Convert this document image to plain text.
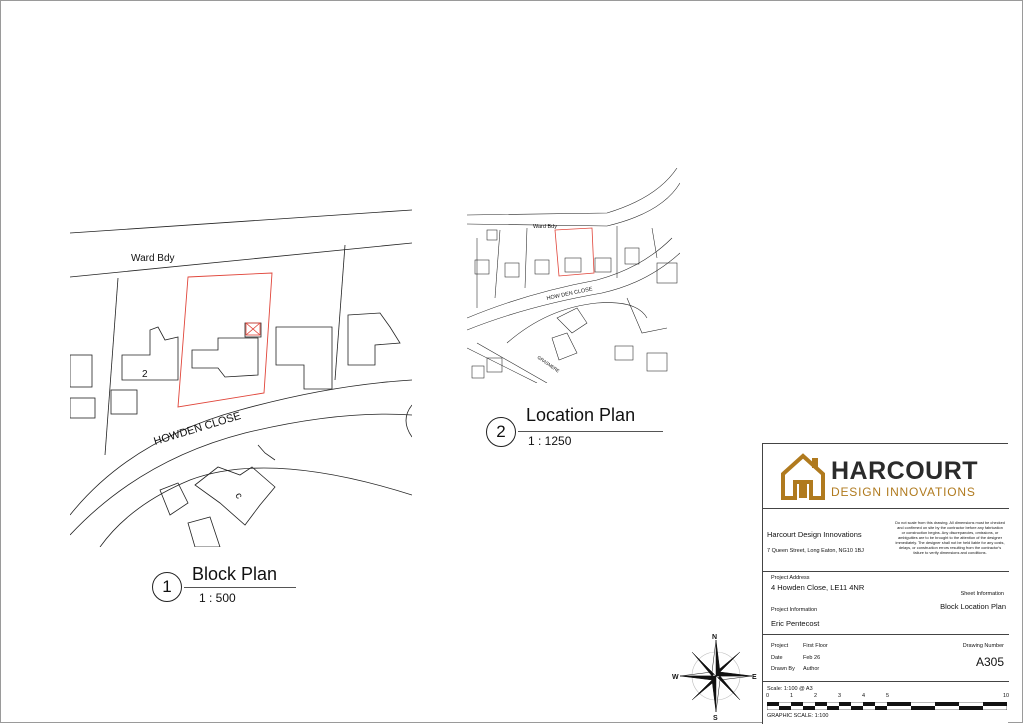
Ward Bdy
HOWDEN CLOSE
2
c
1
Block Plan
1 : 500
Ward Bdy
HOW DEN CLOSE
GRASMERE
2
Location Plan
1 : 1250
N
S
W	E
HARCOURT
DESIGN INNOVATIONS
Harcourt Design Innovations
7 Queen Street, Long Eaton, NG10 1BJ
Do not scale from this drawing. All dimensions must be checked and confirmed on site by the contractor before any fabrication or construction begins. Any discrepancies, omissions, or ambiguities are to be brought to the attention of the designer immediately. The designer shall not be held liable for any costs, delays, or construction errors resulting from the contractor's failure to verify dimensions and conditions.
Project Address
4 Howden Close, LE11 4NR
Sheet Information
Block Location Plan
Project Information
Eric Pentecost
Project	First Floor
Date	Feb 26
Drawn By Author
Drawing Number
A305
Scale: 1:100 @ A3
0	1	2	3	4	5	10
GRAPHIC SCALE: 1:100
